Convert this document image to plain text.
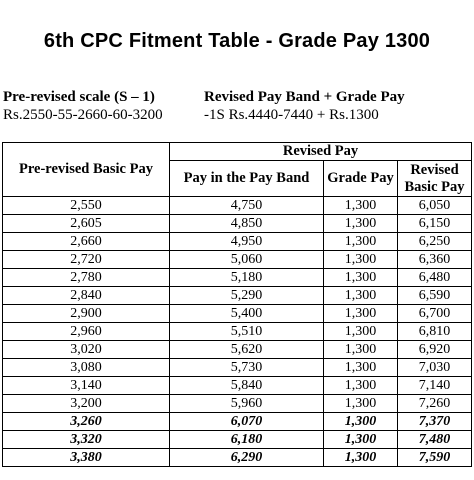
6th CPC Fitment Table - Grade Pay 1300
Pre-revised scale (S – 1)
Rs.2550-55-2660-60-3200
Revised Pay Band + Grade Pay
-1S Rs.4440-7440 + Rs.1300
Pre-revised Basic Pay	Revised Pay		
	Pay in the Pay Band	Grade Pay	Revised Basic Pay
2,550	4,750	1,300	6,050
2,605	4,850	1,300	6,150
2,660	4,950	1,300	6,250
2,720	5,060	1,300	6,360
2,780	5,180	1,300	6,480
2,840	5,290	1,300	6,590
2,900	5,400	1,300	6,700
2,960	5,510	1,300	6,810
3,020	5,620	1,300	6,920
3,080	5,730	1,300	7,030
3,140	5,840	1,300	7,140
3,200	5,960	1,300	7,260
3,260	6,070	1,300	7,370
3,320	6,180	1,300	7,480
3,380	6,290	1,300	7,590
